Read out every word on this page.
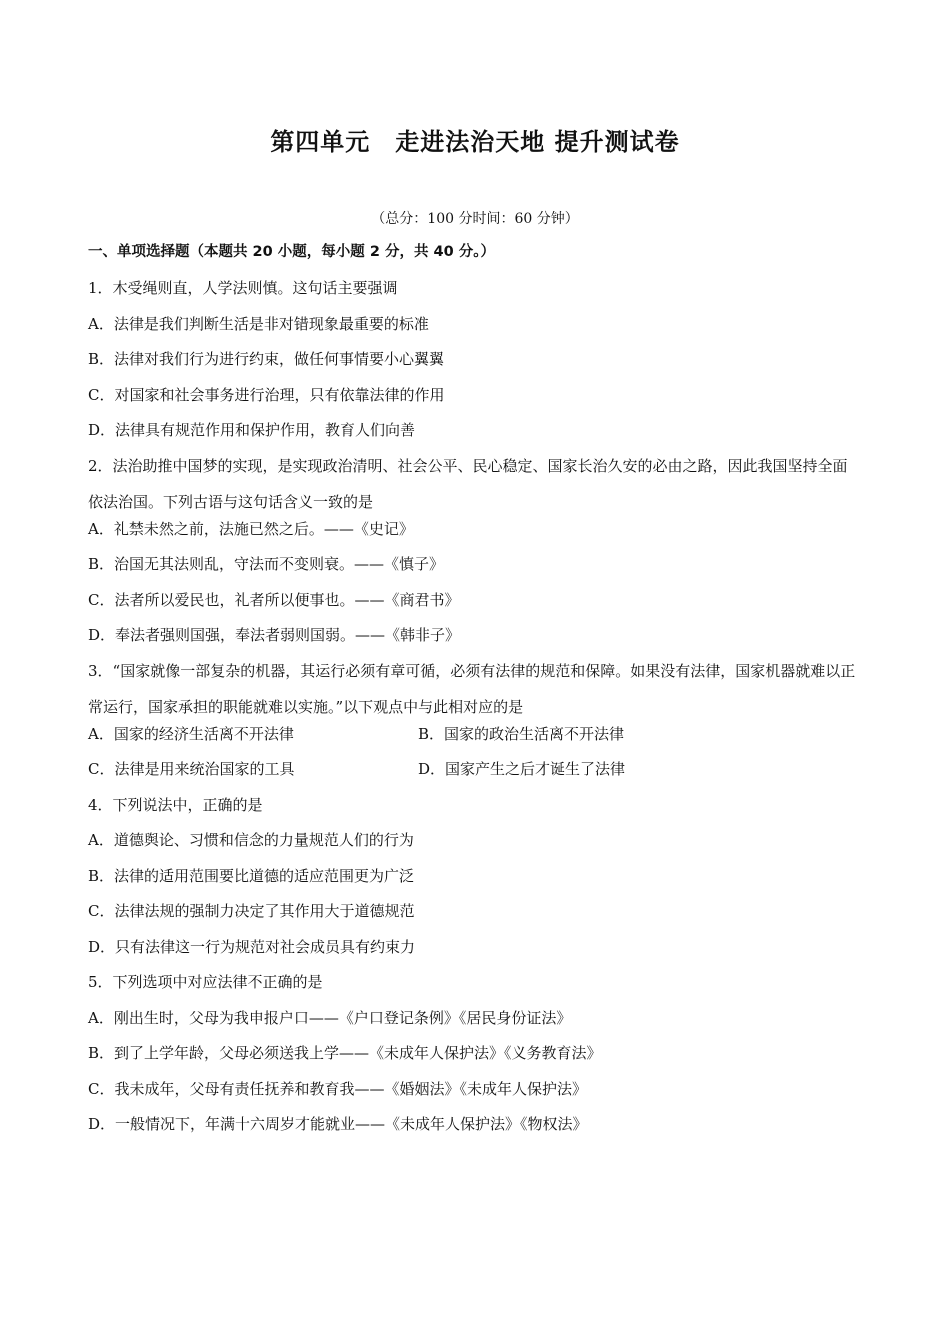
第四单元　走进法治天地 提升测试卷
（总分：100 分时间：60 分钟）
一、单项选择题（本题共 20 小题，每小题 2 分，共 40 分。）
1．木受绳则直，人学法则慎。这句话主要强调
A．法律是我们判断生活是非对错现象最重要的标准
B．法律对我们行为进行约束，做任何事情要小心翼翼
C．对国家和社会事务进行治理，只有依靠法律的作用
D．法律具有规范作用和保护作用，教育人们向善
2．法治助推中国梦的实现，是实现政治清明、社会公平、民心稳定、国家长治久安的必由之路，因此我国坚持全面依法治国。下列古语与这句话含义一致的是
A．礼禁未然之前，法施已然之后。——《史记》
B．治国无其法则乱，守法而不变则衰。——《慎子》
C．法者所以爱民也，礼者所以便事也。——《商君书》
D．奉法者强则国强，奉法者弱则国弱。——《韩非子》
3．“国家就像一部复杂的机器，其运行必须有章可循，必须有法律的规范和保障。如果没有法律，国家机器就难以正常运行，国家承担的职能就难以实施。”以下观点中与此相对应的是
A．国家的经济生活离不开法律	B．国家的政治生活离不开法律
C．法律是用来统治国家的工具	D．国家产生之后才诞生了法律
4．下列说法中，正确的是
A．道德舆论、习惯和信念的力量规范人们的行为
B．法律的适用范围要比道德的适应范围更为广泛
C．法律法规的强制力决定了其作用大于道德规范
D．只有法律这一行为规范对社会成员具有约束力
5．下列选项中对应法律不正确的是
A．刚出生时，父母为我申报户口——《户口登记条例》《居民身份证法》
B．到了上学年龄，父母必须送我上学——《未成年人保护法》《义务教育法》
C．我未成年，父母有责任抚养和教育我——《婚姻法》《未成年人保护法》
D．一般情况下，年满十六周岁才能就业——《未成年人保护法》《物权法》
